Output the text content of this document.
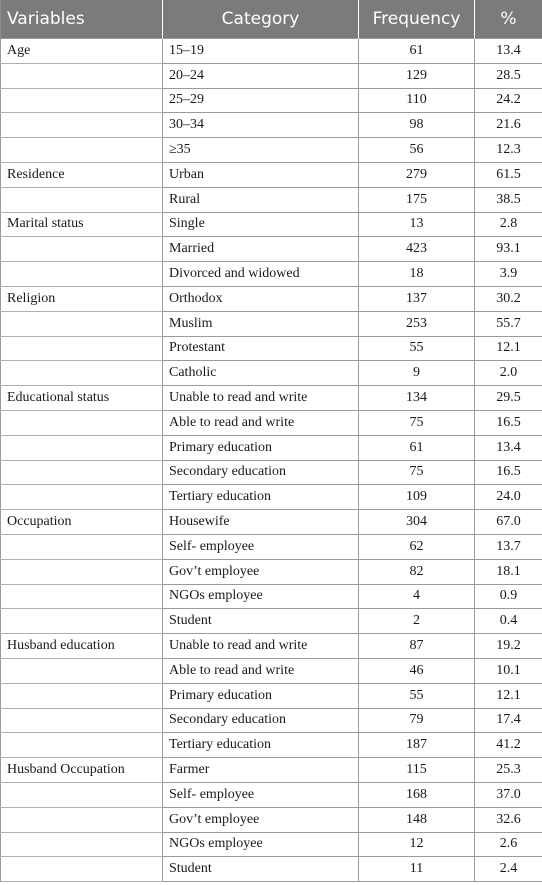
Variables	Category	Frequency	%
Age	15–19	61	13.4
	20–24	129	28.5
	25–29	110	24.2
	30–34	98	21.6
	≥35	56	12.3
Residence	Urban	279	61.5
	Rural	175	38.5
Marital status	Single	13	2.8
	Married	423	93.1
	Divorced and widowed	18	3.9
Religion	Orthodox	137	30.2
	Muslim	253	55.7
	Protestant	55	12.1
	Catholic	9	2.0
Educational status	Unable to read and write	134	29.5
	Able to read and write	75	16.5
	Primary education	61	13.4
	Secondary education	75	16.5
	Tertiary education	109	24.0
Occupation	Housewife	304	67.0
	Self- employee	62	13.7
	Gov’t employee	82	18.1
	NGOs employee	4	0.9
	Student	2	0.4
Husband education	Unable to read and write	87	19.2
	Able to read and write	46	10.1
	Primary education	55	12.1
	Secondary education	79	17.4
	Tertiary education	187	41.2
Husband Occupation	Farmer	115	25.3
	Self- employee	168	37.0
	Gov’t employee	148	32.6
	NGOs employee	12	2.6
	Student	11	2.4
